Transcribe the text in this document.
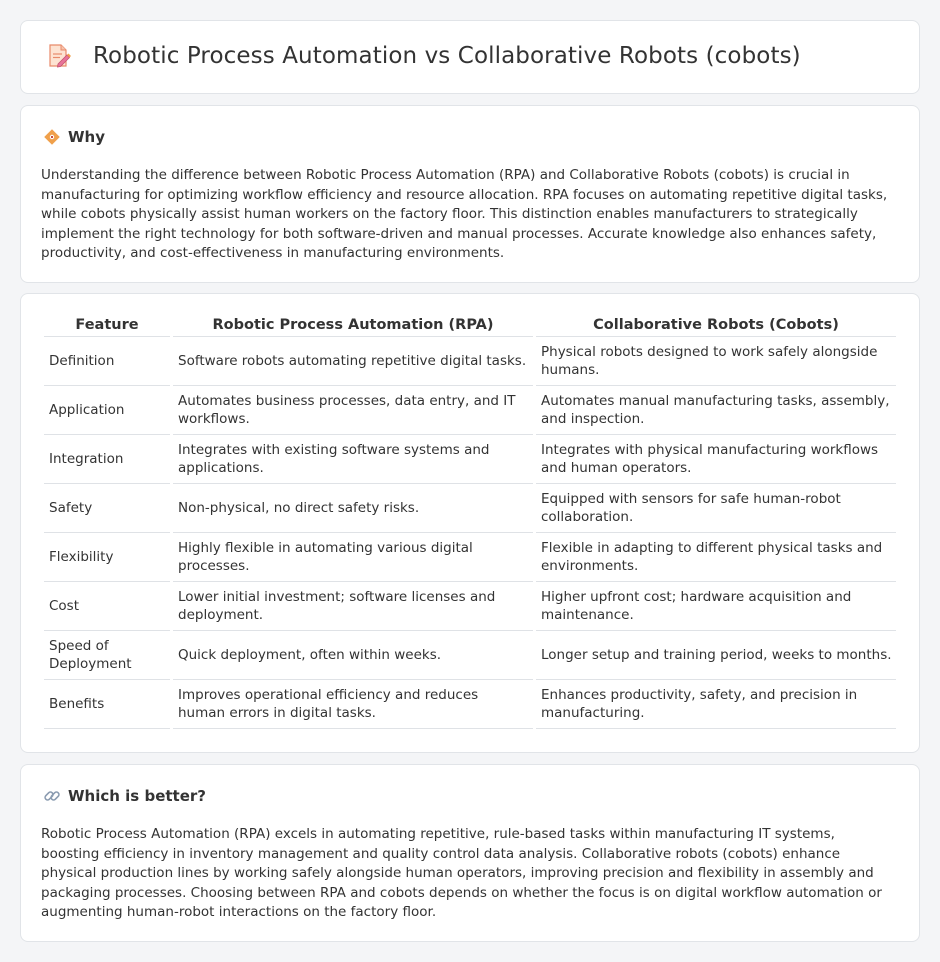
Robotic Process Automation vs Collaborative Robots (cobots)
Why

Understanding the difference between Robotic Process Automation (RPA) and Collaborative Robots (cobots) is crucial in manufacturing for optimizing workflow efficiency and resource allocation. RPA focuses on automating repetitive digital tasks, while cobots physically assist human workers on the factory floor. This distinction enables manufacturers to strategically implement the right technology for both software-driven and manual processes. Accurate knowledge also enhances safety, productivity, and cost-effectiveness in manufacturing environments.

Feature	Robotic Process Automation (RPA)	Collaborative Robots (Cobots)
Definition	Software robots automating repetitive digital tasks.	Physical robots designed to work safely alongside humans.
Application	Automates business processes, data entry, and IT workflows.	Automates manual manufacturing tasks, assembly, and inspection.
Integration	Integrates with existing software systems and applications.	Integrates with physical manufacturing workflows and human operators.
Safety	Non-physical, no direct safety risks.	Equipped with sensors for safe human-robot collaboration.
Flexibility	Highly flexible in automating various digital processes.	Flexible in adapting to different physical tasks and environments.
Cost	Lower initial investment; software licenses and deployment.	Higher upfront cost; hardware acquisition and maintenance.
Speed of Deployment	Quick deployment, often within weeks.	Longer setup and training period, weeks to months.
Benefits	Improves operational efficiency and reduces human errors in digital tasks.	Enhances productivity, safety, and precision in manufacturing.
Which is better?

Robotic Process Automation (RPA) excels in automating repetitive, rule-based tasks within manufacturing IT systems, boosting efficiency in inventory management and quality control data analysis. Collaborative robots (cobots) enhance physical production lines by working safely alongside human operators, improving precision and flexibility in assembly and packaging processes. Choosing between RPA and cobots depends on whether the focus is on digital workflow automation or augmenting human-robot interactions on the factory floor.
